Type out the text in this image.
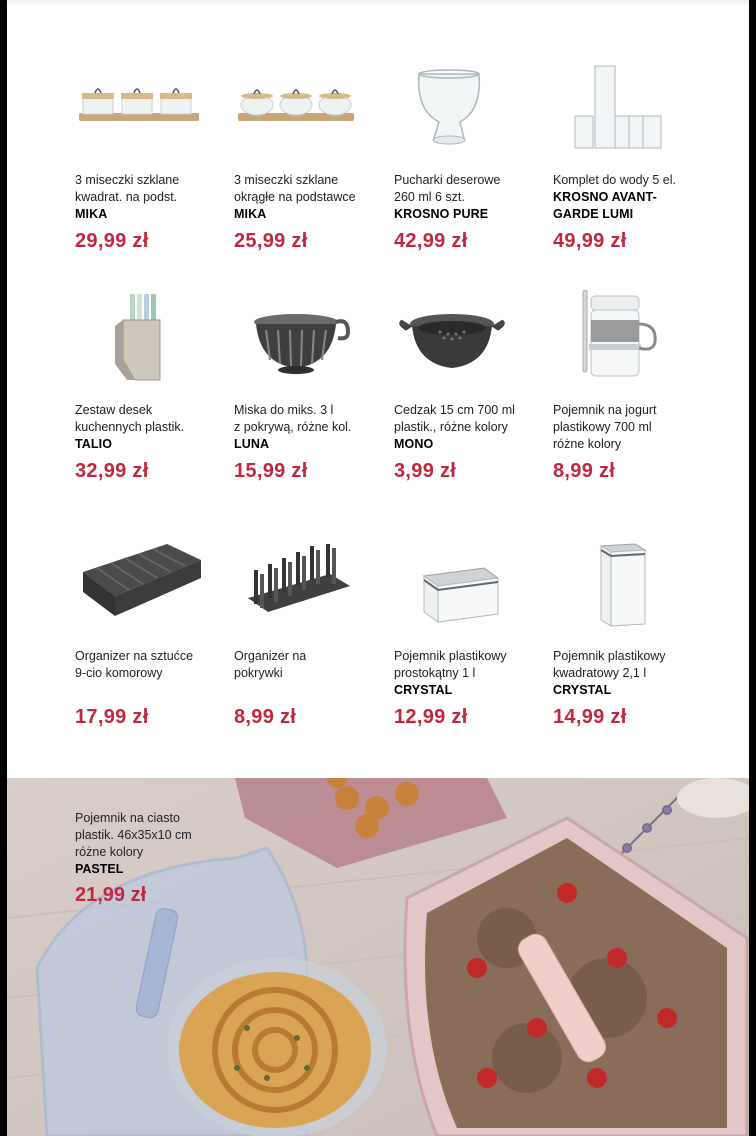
3 miseczki szklane
kwadrat. na podst.
MIKA
29,99 zł
3 miseczki szklane
okrągłe na podstawce
MIKA
25,99 zł
Pucharki deserowe
260 ml 6 szt.
KROSNO PURE
42,99 zł
Komplet do wody 5 el.
KROSNO AVANT-
GARDE LUMI
49,99 zł
Zestaw desek
kuchennych plastik.
TALIO
32,99 zł
Miska do miks. 3 l
z pokrywą, różne kol.
LUNA
15,99 zł
Cedzak 15 cm 700 ml
plastik., różne kolory
MONO
3,99 zł
Pojemnik na jogurt
plastikowy 700 ml
różne kolory
8,99 zł
Organizer na sztućce
9-cio komorowy
17,99 zł
Organizer na
pokrywki
8,99 zł
Pojemnik plastikowy
prostokątny 1 l
CRYSTAL
12,99 zł
Pojemnik plastikowy
kwadratowy 2,1 l
CRYSTAL
14,99 zł
Pojemnik na ciasto
plastik. 46x35x10 cm
różne kolory
PASTEL
21,99 zł
